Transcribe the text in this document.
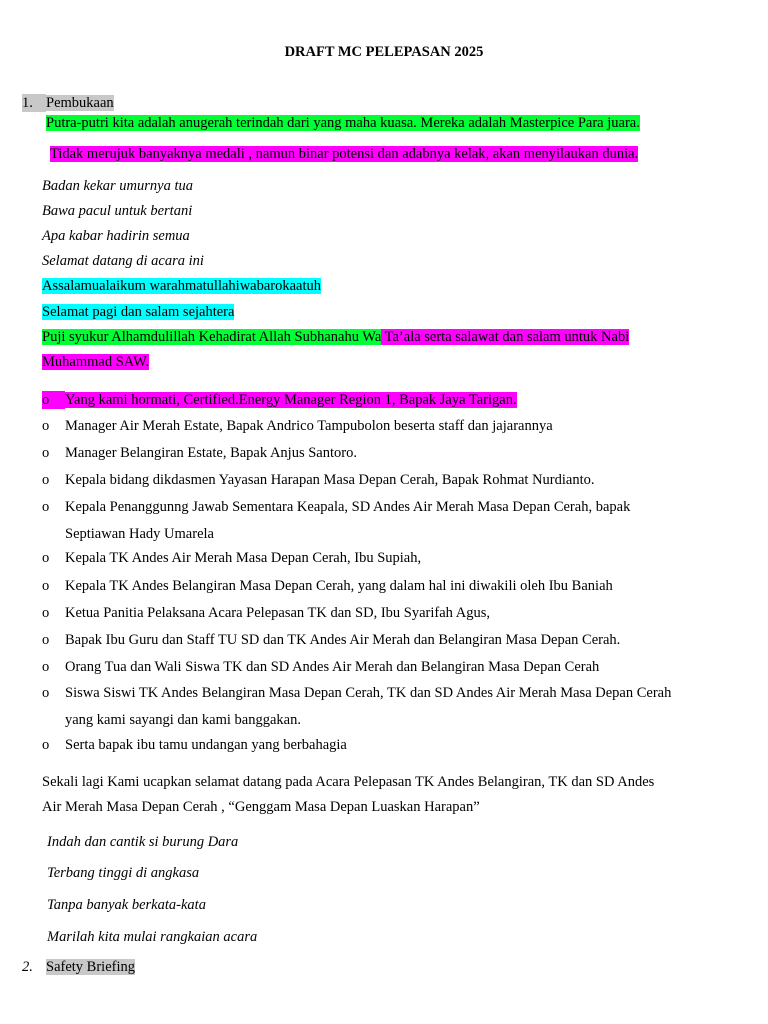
DRAFT MC PELEPASAN 2025
1. Pembukaan
Putra-putri kita adalah anugerah terindah dari yang maha kuasa. Mereka adalah Masterpice Para juara.
Tidak merujuk banyaknya medali , namun binar potensi dan adabnya kelak, akan menyilaukan dunia.
Badan kekar umurnya tua
Bawa pacul untuk bertani
Apa kabar hadirin semua
Selamat datang di acara ini
Assalamualaikum warahmatullahiwabarokaatuh
Selamat pagi dan salam sejahtera
Puji syukur Alhamdulillah Kehadirat Allah Subhanahu Wa Ta’ala serta salawat dan salam untuk Nabi
Muhammad SAW.
o Yang kami hormati, Certified.Energy Manager Region 1, Bapak Jaya Tarigan.
o	Manager Air Merah Estate, Bapak Andrico Tampubolon beserta staff dan jajarannya
o	Manager Belangiran Estate, Bapak Anjus Santoro.
o	Kepala bidang dikdasmen Yayasan Harapan Masa Depan Cerah, Bapak Rohmat Nurdianto.
o	Kepala Penanggunng Jawab Sementara Keapala, SD Andes Air Merah Masa Depan Cerah, bapak
Septiawan Hady Umarela
o	Kepala TK Andes Air Merah Masa Depan Cerah, Ibu Supiah,
o	Kepala TK Andes Belangiran Masa Depan Cerah, yang dalam hal ini diwakili oleh Ibu Baniah
o	Ketua Panitia Pelaksana Acara Pelepasan TK dan SD, Ibu Syarifah Agus,
o	Bapak Ibu Guru dan Staff TU SD dan TK Andes Air Merah dan Belangiran Masa Depan Cerah.
o	Orang Tua dan Wali Siswa TK dan SD Andes Air Merah dan Belangiran Masa Depan Cerah
o	Siswa Siswi TK Andes Belangiran Masa Depan Cerah, TK dan SD Andes Air Merah Masa Depan Cerah
yang kami sayangi dan kami banggakan.
o	Serta bapak ibu tamu undangan yang berbahagia
Sekali lagi Kami ucapkan selamat datang pada Acara Pelepasan TK Andes Belangiran, TK dan SD Andes
Air Merah Masa Depan Cerah , “Genggam Masa Depan Luaskan Harapan”
Indah dan cantik si burung Dara
Terbang tinggi di angkasa
Tanpa banyak berkata-kata
Marilah kita mulai rangkaian acara
2. Safety Briefing
